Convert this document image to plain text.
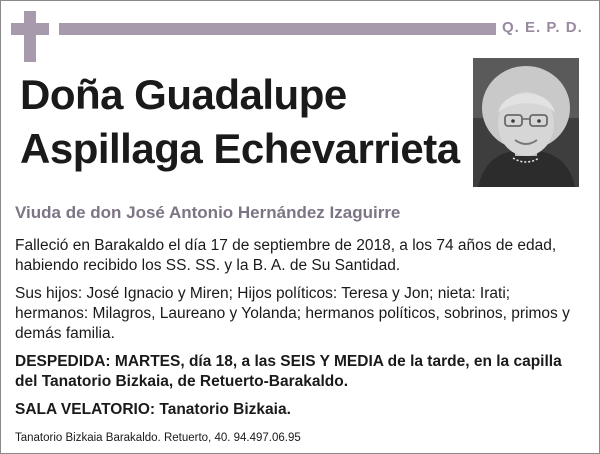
Q. E. P. D.
Doña Guadalupe
Aspillaga Echevarrieta
Viuda de don José Antonio Hernández Izaguirre

Falleció en Barakaldo el día 17 de septiembre de 2018, a los 74 años de edad, habiendo recibido los SS. SS. y la B. A. de Su Santidad.

Sus hijos: José Ignacio y Miren; Hijos políticos: Teresa y Jon; nieta: Irati; hermanos: Milagros, Laureano y Yolanda; hermanos políticos, sobrinos, primos y demás familia.

DESPEDIDA: MARTES, día 18, a las SEIS Y MEDIA de la tarde, en la capilla del Tanatorio Bizkaia, de Retuerto-Barakaldo.

SALA VELATORIO: Tanatorio Bizkaia.

Tanatorio Bizkaia Barakaldo. Retuerto, 40. 94.497.06.95
